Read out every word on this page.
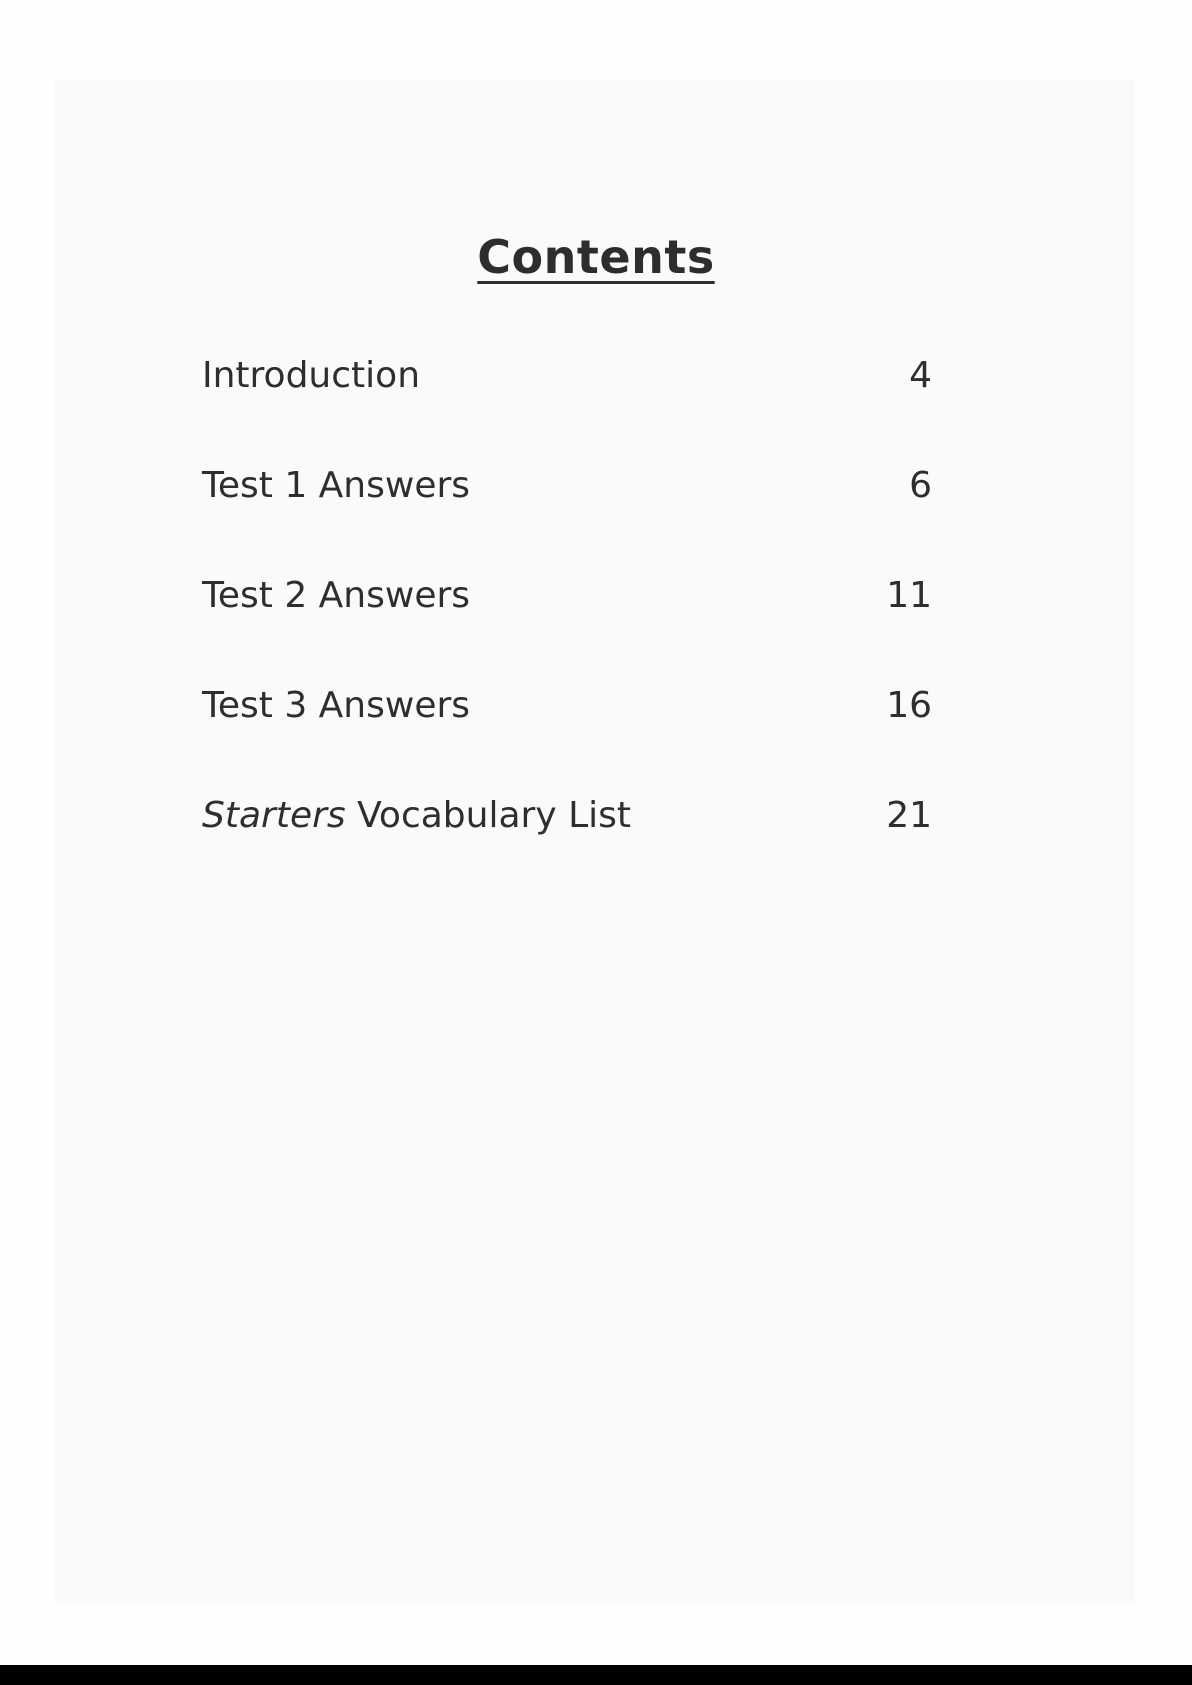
Contents
Introduction	4
Test 1 Answers	6
Test 2 Answers	11
Test 3 Answers	16
Starters Vocabulary List	21
